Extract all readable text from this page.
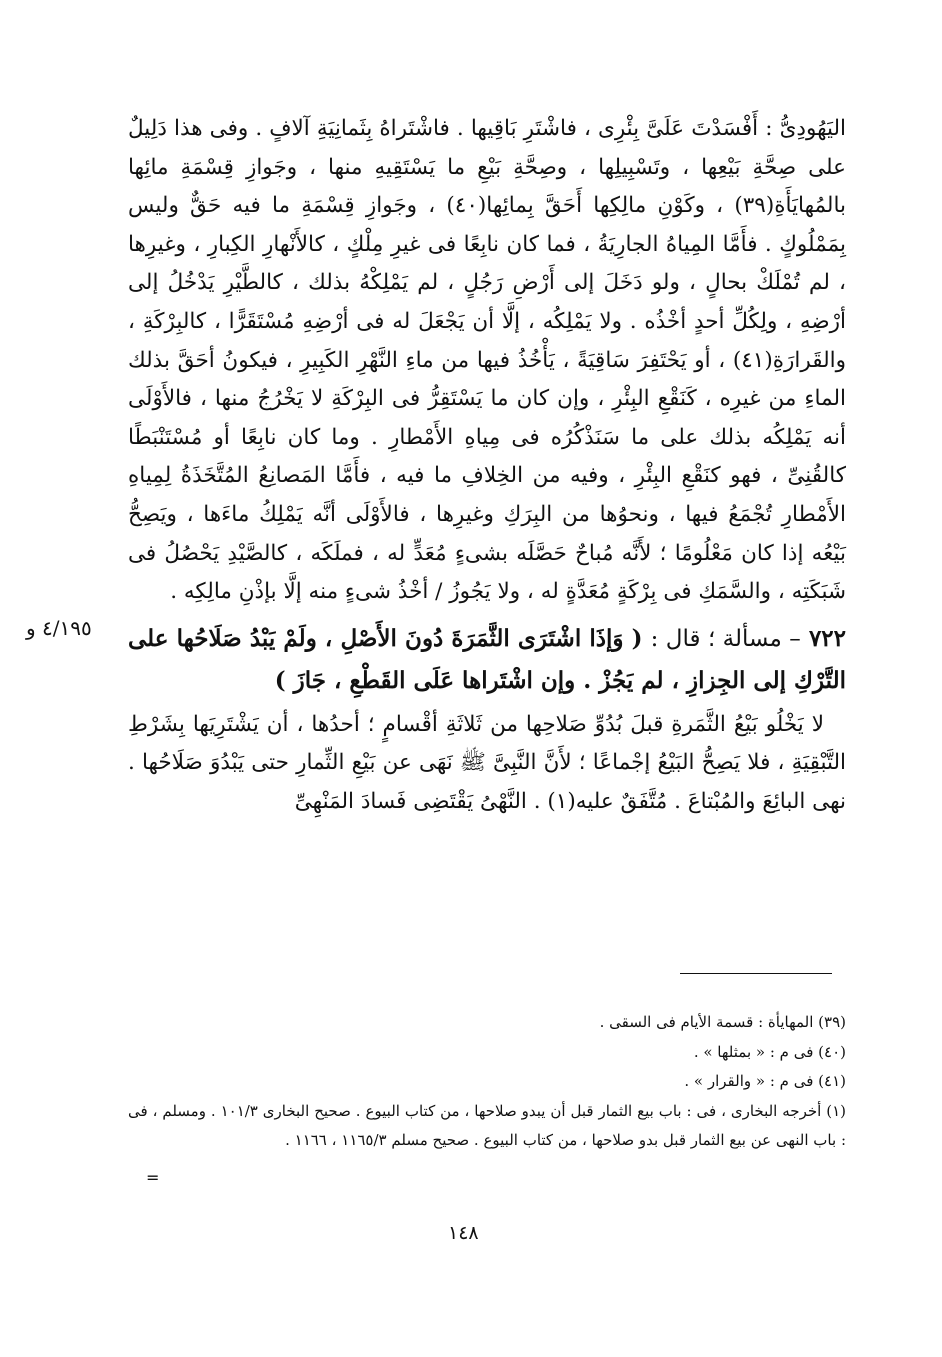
اليَهُودِىُّ : أَفْسَدْتَ عَلَىَّ بِئْرِى ، فاشْتَرِ بَاقِيها . فاشْتَراهُ بِثَمانِيَةِ آلافٍ . وفى هذا دَلِيلٌ على صِحَّةِ بَيْعِها ، وتَسْبِيلِها ، وصِحَّةِ بَيْعِ ما يَسْتَقِيهِ منها ، وجَوازِ قِسْمَةِ مائِها بالمُهايَأَةِ(٣٩) ، وكَوْنِ مالِكِها أَحَقَّ بِمائِها(٤٠) ، وجَوازِ قِسْمَةِ ما فيه حَقٌّ وليس بِمَمْلُوكٍ . فأَمَّا المِياهُ الجارِيَةُ ، فما كان نابِعًا فى غيرِ مِلْكٍ ، كالأَنْهارِ الكِبارِ ، وغيرِها ، لم تُمْلَكْ بحالٍ ، ولو دَخَلَ إلى أَرْضِ رَجُلٍ ، لم يَمْلِكْهُ بذلك ، كالطَّيْرِ يَدْخُلُ إلى أرْضِهِ ، ولِكُلِّ أحدٍ أخْذُه . ولا يَمْلِكُه ، إلَّا أن يَجْعَلَ له فى أرْضِهِ مُسْتَقَرًّا ، كالبِرْكَةِ ، والقَرارَةِ(٤١) ، أو يَحْتَفِرَ سَاقِيَةً ، يَأْخُذُ فيها من ماءِ النَّهْرِ الكَبِيرِ ، فيكونُ أحَقَّ بذلك الماءِ من غيرِه ، كَنَقْعِ البِئْرِ ، وإن كان ما يَسْتَقِرُّ فى البِرْكَةِ لا يَخْرُجُ منها ، فالأَوْلَى أنه يَمْلِكُه بذلك على ما سَنَذْكُرُه فى مِياهِ الأَمْطارِ . وما كان نابِعًا أو مُسْتَنْبَطًا كالقُنِىِّ ، فهو كنَقْعِ البِئْرِ ، وفيه من الخِلافِ ما فيه ، فأَمَّا المَصانِعُ المُتَّخَذَةُ لِمِياهِ الأَمْطارِ تُجْمَعُ فيها ، ونحوُها من البِرَكِ وغيرِها ، فالأَوْلَى أنَّه يَمْلِكُ ماءَها ، ويَصِحُّ بَيْعُه إذا كان مَعْلُومًا ؛ لأَنَّه مُباحٌ حَصَّلَه بشىءٍ مُعَدٍّ له ، فملَكَه ، كالصَّيْدِ يَحْصُلُ فى شَبَكَتِه ، والسَّمَكِ فى بِرْكَةٍ مُعَدَّةٍ له ، ولا يَجُوزُ / أخْذُ شىءٍ منه إلَّا بإذْنِ مالِكِه .

٧٢٢ – مسألة ؛ قال : ( وَإذَا اشْتَرَى الثَّمَرَةَ دُونَ الأَصْلِ ، ولَمْ يَبْدُ صَلَاحُها على التَّرْكِ إلى الجِزازِ ، لم يَجُزْ . وإن اشْتَراها عَلَى القَطْعِ ، جَازَ )

لا يَخْلُو بَيْعُ الثَّمَرةِ قبلَ بُدُوِّ صَلاحِها من ثَلاثَةِ أقْسامٍ ؛ أحدُها ، أن يَشْتَرِيَها بِشَرْطِ التَّبْقِيَةِ ، فلا يَصِحُّ البَيْعُ إجْماعًا ؛ لأَنَّ النَّبِىَّ ﷺ نَهَى عن بَيْعِ الثِّمارِ حتى يَبْدُوَ صَلَاحُها . نهى البائِعَ والمُبْتاعَ . مُتَّفَقٌ عليه(١) . النَّهْىُ يَقْتَضِى فَسادَ المَنْهِىِّ

٤/١٩٥ و

(٣٩) المهايأة : قسمة الأيام فى السقى .

(٤٠) فى م : « بمثلها » .

(٤١) فى م : « والقرار » .

(١) أخرجه البخارى ، فى : باب بيع الثمار قبل أن يبدو صلاحها ، من كتاب البيوع . صحيح البخارى ١٠١/٣ . ومسلم ، فى : باب النهى عن بيع الثمار قبل بدو صلاحها ، من كتاب البيوع . صحيح مسلم ١١٦٥/٣ ، ١١٦٦ .

=
١٤٨
